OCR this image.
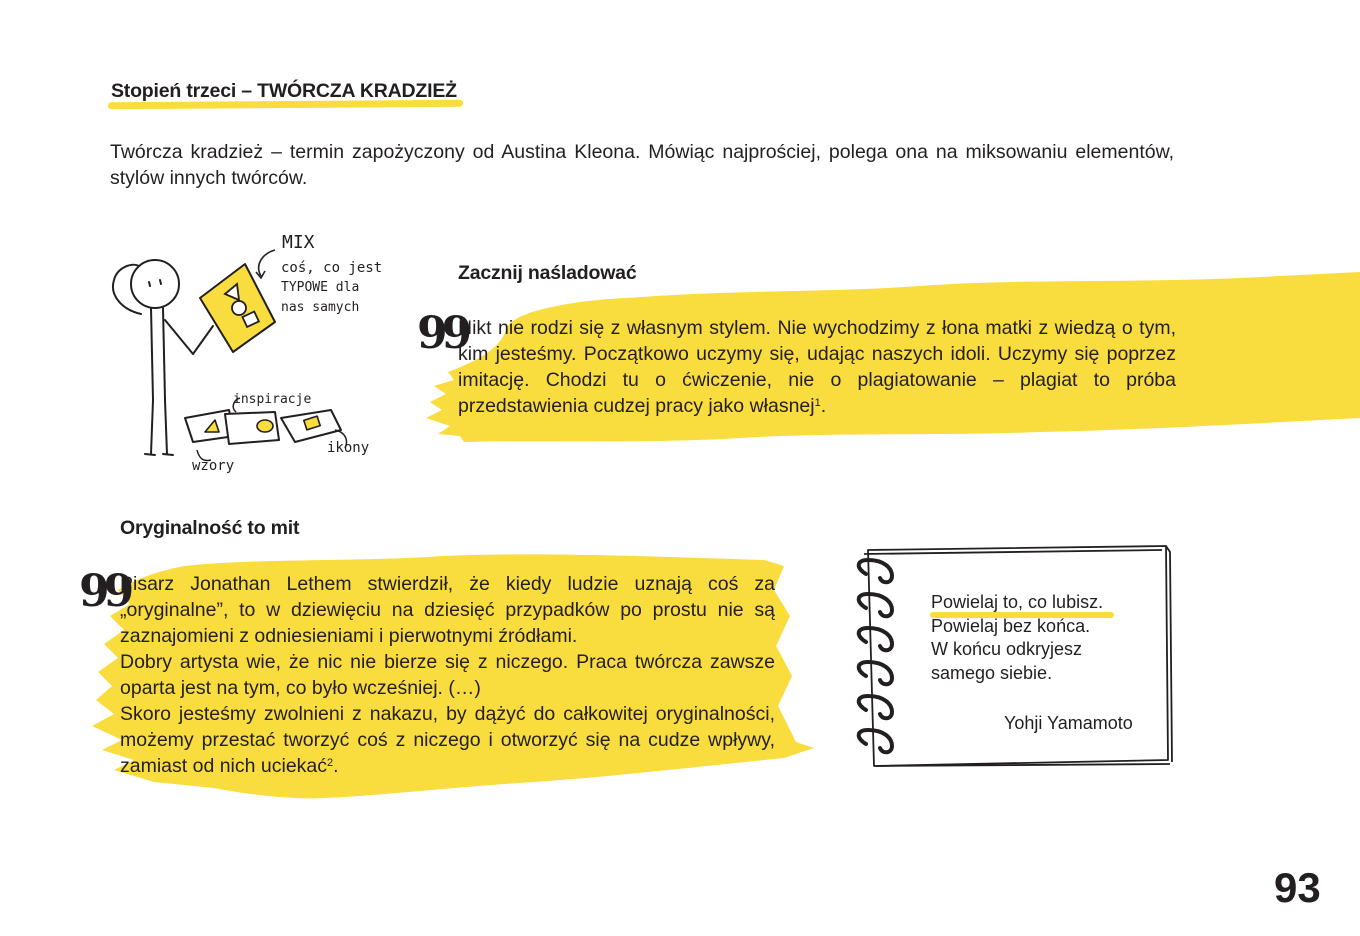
Stopień trzeci – TWÓRCZA KRADZIEŻ
Twórcza kradzież – termin zapożyczony od Austina Kleona. Mówiąc najprościej, polega ona na miksowaniu elementów, stylów innych twórców.
MIX
coś, co jest
TYPOWE dla
nas samych
inspiracje
wzory
ikony
Zacznij naśladować
99
Nikt nie rodzi się z własnym stylem. Nie wychodzimy z łona matki z wiedzą o tym, kim jesteśmy. Początkowo uczymy się, udając naszych idoli. Uczymy się poprzez imitację. Chodzi tu o ćwiczenie, nie o plagiatowanie – plagiat to próba przedstawienia cudzej pracy jako własnej$^1$.
Oryginalność to mit
99

Pisarz Jonathan Lethem stwierdził, że kiedy ludzie uznają coś za „oryginalne”, to w dziewięciu na dziesięć przypadków po prostu nie są zaznajomieni z odniesieniami i pierwotnymi źródłami.

Dobry artysta wie, że nic nie bierze się z niczego. Praca twórcza zawsze oparta jest na tym, co było wcześniej. (…)

Skoro jesteśmy zwolnieni z nakazu, by dążyć do całkowitej oryginalności, możemy przestać tworzyć coś z niczego i otworzyć się na cudze wpływy, zamiast od nich uciekać$^2$.

Powielaj to, co lubisz.
Powielaj bez końca.
W końcu odkryjesz
samego siebie.
Yohji Yamamoto
93
